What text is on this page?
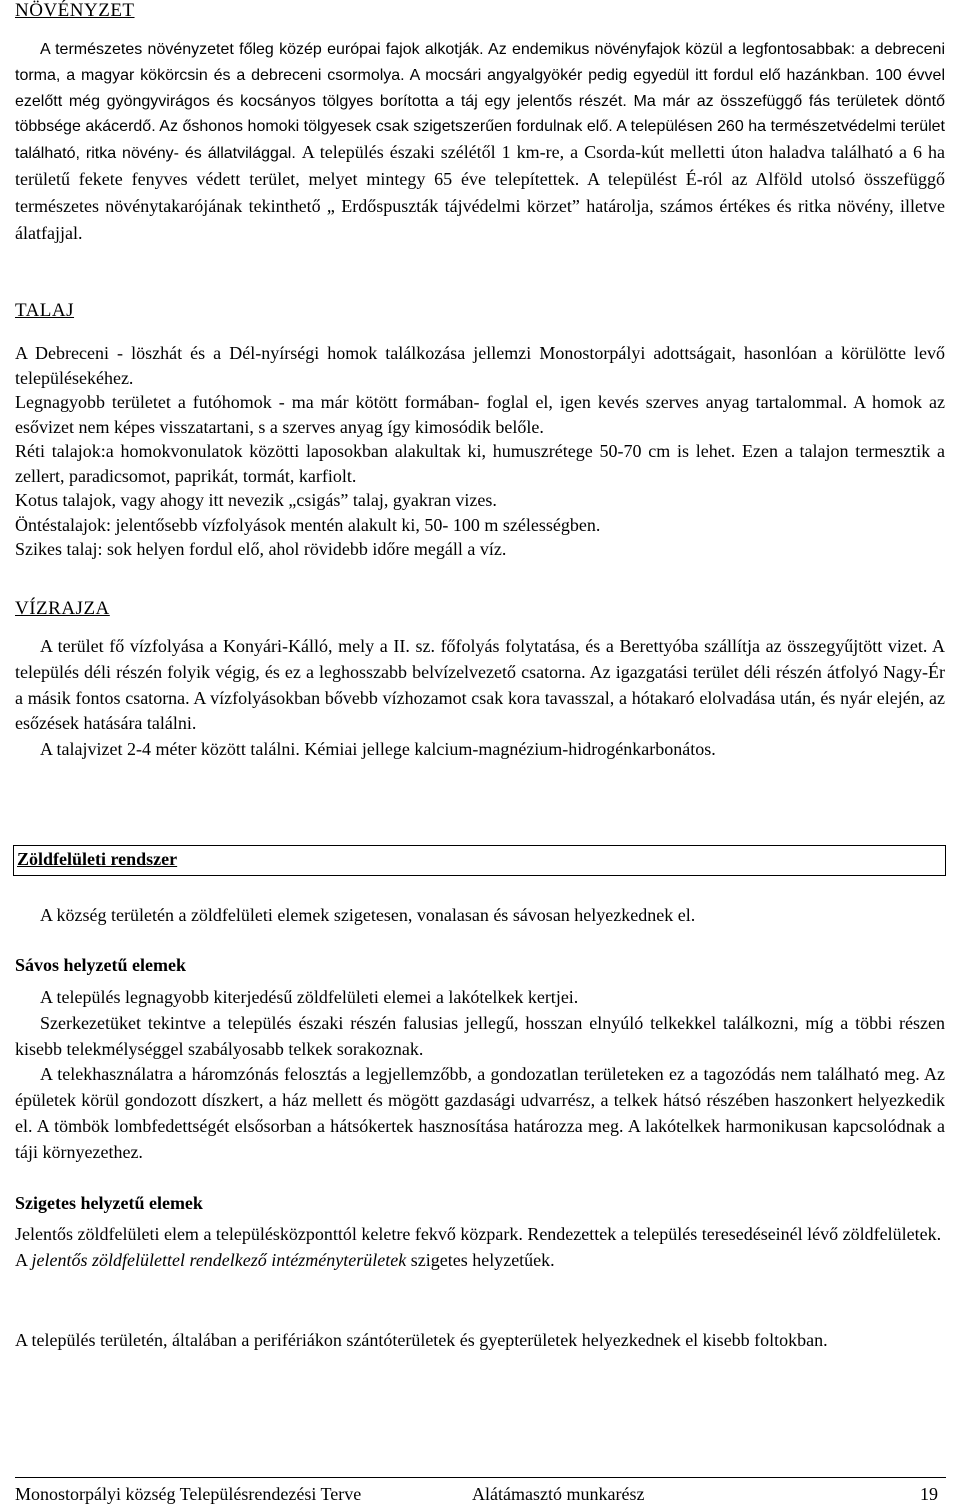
NÖVÉNYZET

A természetes növényzetet főleg közép európai fajok alkotják. Az endemikus növényfajok közül a legfontosabbak: a debreceni torma, a magyar kökörcsin és a debreceni csormolya. A mocsári angyalgyökér pedig egyedül itt fordul elő hazánkban. 100 évvel ezelőtt még gyöngyvirágos és kocsányos tölgyes borította a táj egy jelentős részét. Ma már az összefüggő fás területek döntő többsége akácerdő. Az őshonos homoki tölgyesek csak szigetszerűen fordulnak elő. A településen 260 ha természetvédelmi terület található, ritka növény- és állatvilággal. A település északi szélétől 1 km-re, a Csorda-kút melletti úton haladva található a 6 ha területű fekete fenyves védett terület, melyet mintegy 65 éve telepítettek. A települést É-ról az Alföld utolsó összefüggő természetes növénytakarójának tekinthető „ Erdőspuszták tájvédelmi körzet” határolja, számos értékes és ritka növény, illetve álatfajjal.

TALAJ

A Debreceni - löszhát és a Dél-nyírségi homok találkozása jellemzi Monostorpályi adottságait, hasonlóan a körülötte levő településekéhez.

Legnagyobb területet a futóhomok - ma már kötött formában- foglal el, igen kevés szerves anyag tartalommal. A homok az esővizet nem képes visszatartani, s a szerves anyag így kimosódik belőle.

Réti talajok:a homokvonulatok közötti laposokban alakultak ki, humuszrétege 50-70 cm is lehet. Ezen a talajon termesztik a zellert, paradicsomot, paprikát, tormát, karfiolt.

Kotus talajok, vagy ahogy itt nevezik „csigás” talaj, gyakran vizes.

Öntéstalajok: jelentősebb vízfolyások mentén alakult ki, 50- 100 m szélességben.

Szikes talaj: sok helyen fordul elő, ahol rövidebb időre megáll a víz.

VÍZRAJZA

A terület fő vízfolyása a Konyári-Kálló, mely a II. sz. főfolyás folytatása, és a Berettyóba szállítja az összegyűjtött vizet. A település déli részén folyik végig, és ez a leghosszabb belvízelvezető csatorna. Az igazgatási terület déli részén átfolyó Nagy-Ér a másik fontos csatorna. A vízfolyásokban bővebb vízhozamot csak kora tavasszal, a hótakaró elolvadása után, és nyár elején, az esőzések hatására találni.

A talajvizet 2-4 méter között találni. Kémiai jellege kalcium-magnézium-hidrogénkarbonátos.

Zöldfelületi rendszer

A község területén a zöldfelületi elemek szigetesen, vonalasan és sávosan helyezkednek el.

Sávos helyzetű elemek

A település legnagyobb kiterjedésű zöldfelületi elemei a lakótelkek kertjei.

Szerkezetüket tekintve a település északi részén falusias jellegű, hosszan elnyúló telkekkel találkozni, míg a többi részen kisebb telekmélységgel szabályosabb telkek sorakoznak.

A telekhasználatra a háromzónás felosztás a legjellemzőbb, a gondozatlan területeken ez a tagozódás nem található meg. Az épületek körül gondozott díszkert, a ház mellett és mögött gazdasági udvarrész, a telkek hátsó részében haszonkert helyezkedik el. A tömbök lombfedettségét elsősorban a hátsókertek hasznosítása határozza meg. A lakótelkek harmonikusan kapcsolódnak a táji környezethez.

Szigetes helyzetű elemek

Jelentős zöldfelületi elem a településközponttól keletre fekvő közpark. Rendezettek a település teresedéseinél lévő zöldfelületek.

A jelentős zöldfelülettel rendelkező intézményterületek szigetes helyzetűek.

A település területén, általában a perifériákon szántóterületek és gyepterületek helyezkednek el kisebb foltokban.

Monostorpályi község Településrendezési Terve	Alátámasztó munkarész	19
